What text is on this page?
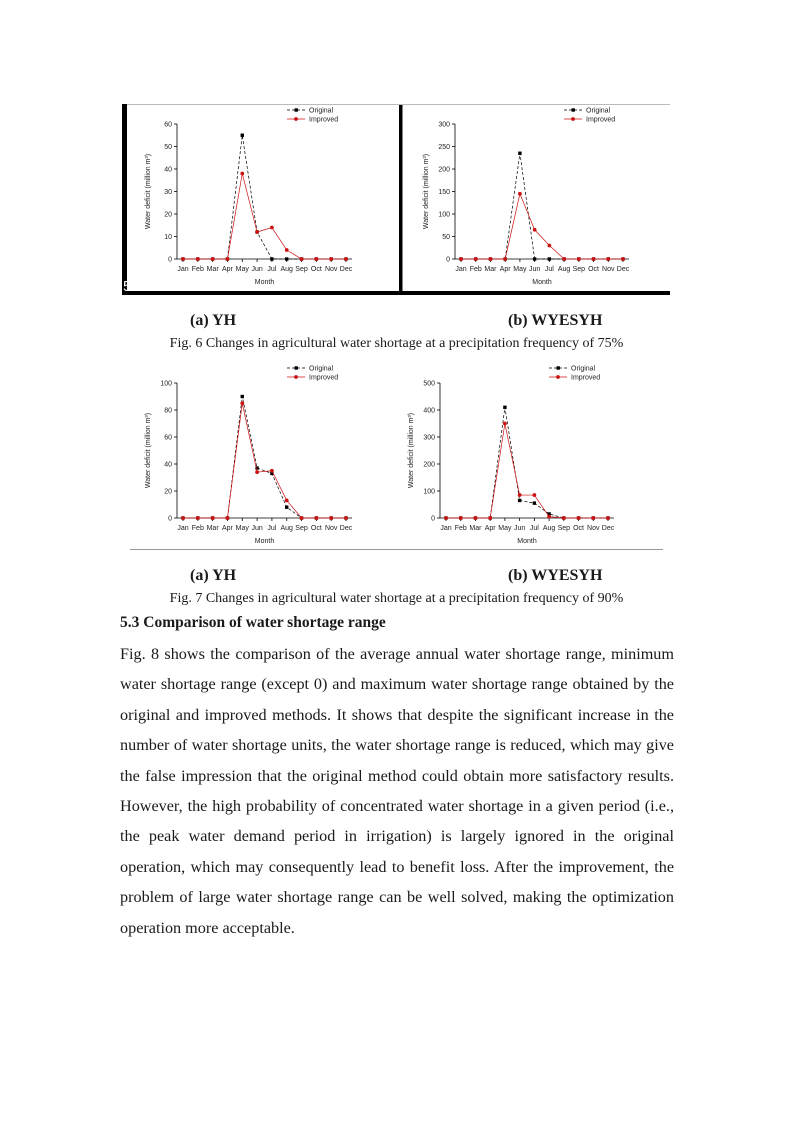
5
0
10
20
30
40
50
60
Jan Feb Mar Apr May Jun Jul Aug Sep Oct Nov Dec
Month
Water deficit (million m³)
Original
Improved
0
50
100
150
200
250
300
Jan Feb Mar Apr May Jun Jul Aug Sep Oct Nov Dec
Month
Water deficit (million m³)
Original
Improved
0
20
40
60
80
100
Jan Feb Mar Apr May Jun Jul Aug Sep Oct Nov Dec
Month
Water deficit (million m³)
Original
Improved
0
100
200
300
400
500
Jan Feb Mar Apr May Jun Jul Aug Sep Oct Nov Dec
Month
Water deficit (million m³)
Original
Improved
(a) YH	(b) WYESYH
Fig. 6 Changes in agricultural water shortage at a precipitation frequency of 75%
(a) YH	(b) WYESYH
Fig. 7 Changes in agricultural water shortage at a precipitation frequency of 90%
5.3 Comparison of water shortage range
Fig. 8 shows the comparison of the average annual water shortage range, minimum water shortage range (except 0) and maximum water shortage range obtained by the original and improved methods. It shows that despite the significant increase in the number of water shortage units, the water shortage range is reduced, which may give the false impression that the original method could obtain more satisfactory results. However, the high probability of concentrated water shortage in a given period (i.e., the peak water demand period in irrigation) is largely ignored in the original operation, which may consequently lead to benefit loss. After the improvement, the problem of large water shortage range can be well solved, making the optimization operation more acceptable.
